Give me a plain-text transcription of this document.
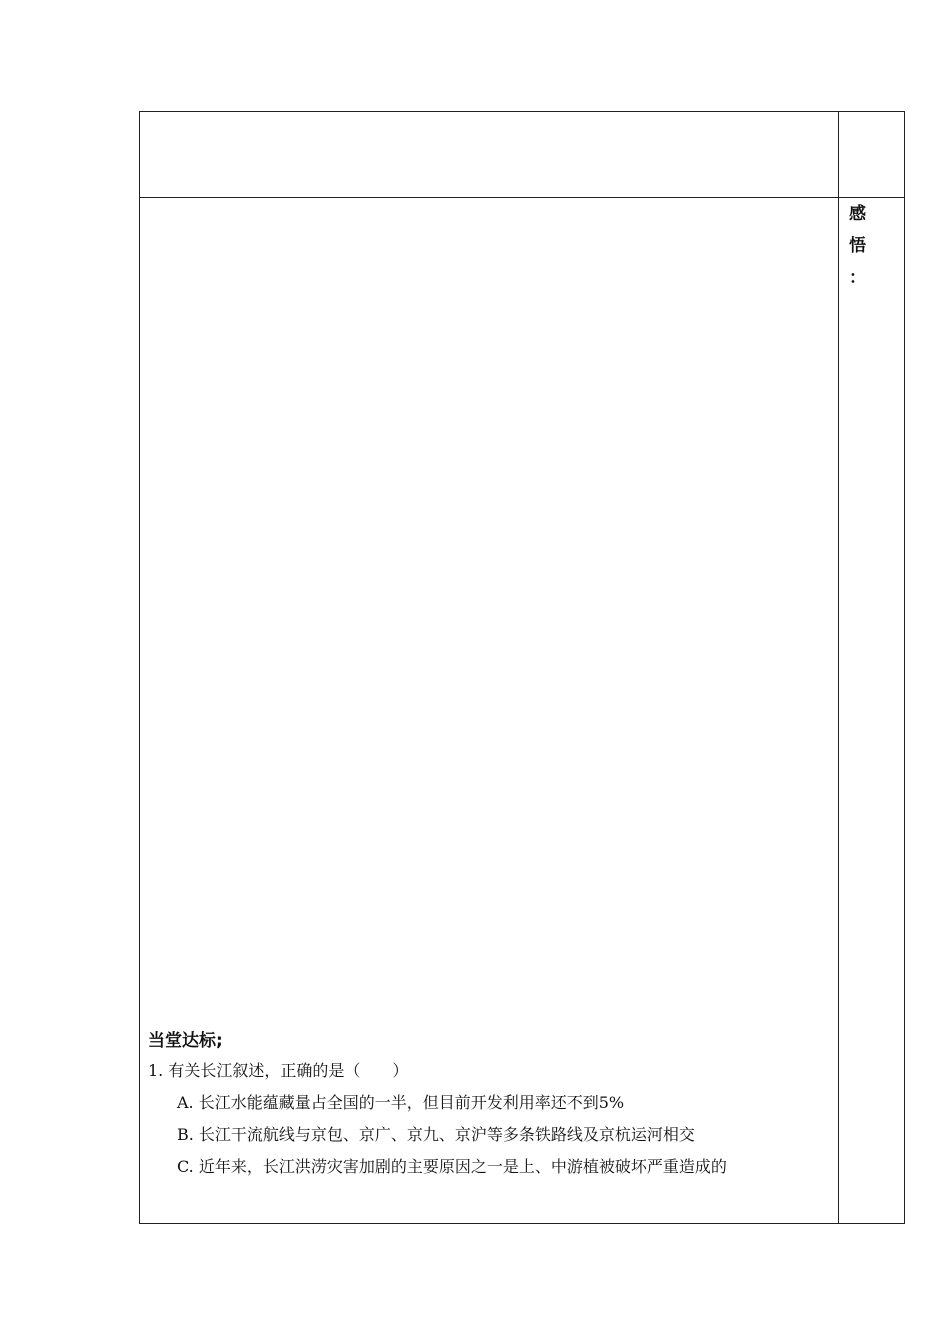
感
悟
：
当堂达标;
1. 有关长江叙述，正确的是（　　）
A. 长江水能蕴藏量占全国的一半，但目前开发利用率还不到5%
B. 长江干流航线与京包、京广、京九、京沪等多条铁路线及京杭运河相交
C. 近年来，长江洪涝灾害加剧的主要原因之一是上、中游植被破坏严重造成的
